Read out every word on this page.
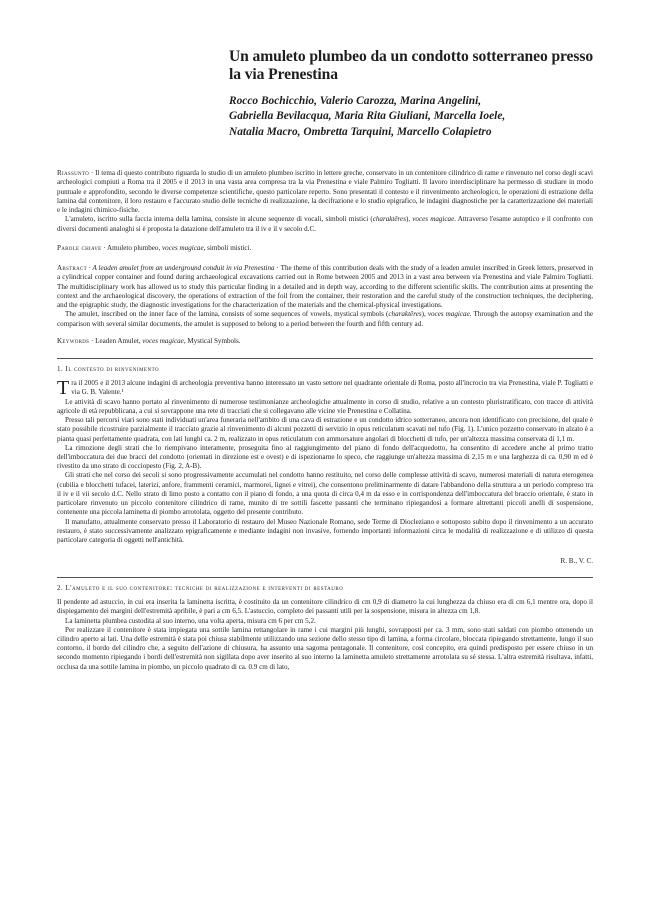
Un amuleto plumbeo da un condotto sotterraneo presso la via Prenestina
Rocco Bochicchio, Valerio Carozza, Marina Angelini,
Gabriella Bevilacqua, Maria Rita Giuliani, Marcella Ioele,
Natalia Macro, Ombretta Tarquini, Marcello Colapietro

Riassunto · Il tema di questo contributo riguarda lo studio di un amuleto plumbeo iscritto in lettere greche, conservato in un contenitore cilindrico di rame e rinvenuto nel corso degli scavi archeologici compiuti a Roma tra il 2005 e il 2013 in una vasta area compresa tra la via Prenestina e viale Palmiro Togliatti. Il lavoro interdisciplinare ha permesso di studiare in modo puntuale e approfondito, secondo le diverse competenze scientifiche, questo particolare reperto. Sono presentati il contesto e il rinvenimento archeologico, le operazioni di estrazione della lamina dal contenitore, il loro restauro e l'accurato studio delle tecniche di realizzazione, la decifrazione e lo studio epigrafico, le indagini diagnostiche per la caratterizzazione dei materiali e le indagini chimico-fisiche.

L'amuleto, iscritto sulla faccia interna della lamina, consiste in alcune sequenze di vocali, simboli mistici (charaktêres), voces magicae. Attraverso l'esame autoptico e il confronto con diversi documenti analoghi si è proposta la datazione dell'amuleto tra il iv e il v secolo d.C.

Parole chiave · Amuleto plumbeo, voces magicae, simboli mistici.

Abstract · A leaden amulet from an underground conduit in via Prenestina · The theme of this contribution deals with the study of a leaden amulet inscribed in Greek letters, preserved in a cylindrical copper container and found during archaeological excavations carried out in Rome between 2005 and 2013 in a vast area between via Prenestina and viale Palmiro Togliatti. The multidisciplinary work has allowed us to study this particular finding in a detailed and in depth way, according to the different scientific skills. The contribution aims at presenting the context and the archaeological discovery, the operations of extraction of the foil from the container, their restoration and the careful study of the construction techniques, the deciphering, and the epigraphic study, the diagnostic investigations for the characterization of the materials and the chemical-physical investigations.

The amulet, inscribed on the inner face of the lamina, consists of some sequences of vowels, mystical symbols (charaktêres), voces magicae. Through the autopsy examination and the comparison with several similar documents, the amulet is supposed to belong to a period between the fourth and fifth century ad.

Keywords · Leaden Amulet, voces magicae, Mystical Symbols.
1. Il contesto di rinvenimento

Tra il 2005 e il 2013 alcune indagini di archeologia preventiva hanno interessato un vasto settore nel quadrante orientale di Roma, posto all'incrocio tra via Prenestina, viale P. Togliatti e via G. B. Valente.¹

Le attività di scavo hanno portato al rinvenimento di numerose testimonianze archeologiche attualmente in corso di studio, relative a un contesto pluristratificato, con tracce di attività agricole di età repubblicana, a cui si sovrappone una rete di tracciati che si collegavano alle vicine vie Prenestina e Collatina.

Presso tali percorsi viari sono stati individuati un'area funeraria nell'ambito di una cava di estrazione e un condotto idrico sotterraneo, ancora non identificato con precisione, del quale è stato possibile ricostruire parzialmente il tracciato grazie al rinvenimento di alcuni pozzetti di servizio in opus reticulatum scavati nel tufo (Fig. 1). L'unico pozzetto conservato in alzato è a pianta quasi perfettamente quadrata, con lati lunghi ca. 2 m, realizzato in opus reticulatum con ammorsature angolari di blocchetti di tufo, per un'altezza massima conservata di 1,1 m.

La rimozione degli strati che lo riempivano interamente, proseguita fino al raggiungimento del piano di fondo dell'acquedotto, ha consentito di accedere anche al primo tratto dell'imboccatura dei due bracci del condotto (orientati in direzione est e ovest) e di ispezionarne lo speco, che raggiunge un'altezza massima di 2,15 m e una larghezza di ca. 0,90 m ed è rivestito da uno strato di cocciopesto (Fig. 2, A-B).

Gli strati che nel corso dei secoli si sono progressivamente accumulati nel condotto hanno restituito, nel corso delle complesse attività di scavo, numerosi materiali di natura eterogenea (cubilia e blocchetti tufacei, laterizi, anfore, frammenti ceramici, marmorei, lignei e vitrei), che consentono preliminarmente di datare l'abbandono della struttura a un periodo compreso tra il iv e il vii secolo d.C. Nello strato di limo posto a contatto con il piano di fondo, a una quota di circa 0,4 m da esso e in corrispondenza dell'imboccatura del braccio orientale, è stato in particolare rinvenuto un piccolo contenitore cilindrico di rame, munito di tre sottili fascette passanti che terminano ripiegandosi a formare altrettanti piccoli anelli di sospensione, contenente una piccola laminetta di piombo arrotolata, oggetto del presente contributo.

Il manufatto, attualmente conservato presso il Laboratorio di restauro del Museo Nazionale Romano, sede Terme di Diocleziano e sottoposto subito dopo il rinvenimento a un accurato restauro, è stato successivamente analizzato epigraficamente e mediante indagini non invasive, fornendo importanti informazioni circa le modalità di realizzazione e di utilizzo di questa particolare categoria di oggetti nell'antichità.

R. B., V. C.
2. L'amuleto e il suo contenitore: tecniche di realizzazione e interventi di restauro

Il pendente ad astuccio, in cui era inserita la laminetta iscritta, è costituito da un contenitore cilindrico di cm 0,9 di diametro la cui lunghezza da chiuso era di cm 6,1 mentre ora, dopo il dispiegamento dei margini dell'estremità apribile, è pari a cm 6,5. L'astuccio, completo dei passanti utili per la sospensione, misura in altezza cm 1,8.

La laminetta plumbea custodita al suo interno, una volta aperta, misura cm 6 per cm 5,2.

Per realizzare il contenitore è stata impiegata una sottile lamina rettangolare in rame i cui margini più lunghi, sovrapposti per ca. 3 mm, sono stati saldati con piombo ottenendo un cilindro aperto ai lati. Una delle estremità è stata poi chiusa stabilmente utilizzando una sezione dello stesso tipo di lamina, a forma circolare, bloccata ripiegando strettamente, lungo il suo contorno, il bordo del cilindro che, a seguito dell'azione di chiusura, ha assunto una sagoma pentagonale. Il contenitore, così concepito, era quindi predisposto per essere chiuso in un secondo momento ripiegando i bordi dell'estremità non sigillata dopo aver inserito al suo interno la laminetta amuleto strettamente arrotolata su sé stessa. L'altra estremità risultava, infatti, occlusa da una sottile lamina in piombo, un piccolo quadrato di ca. 0.9 cm di lato,
